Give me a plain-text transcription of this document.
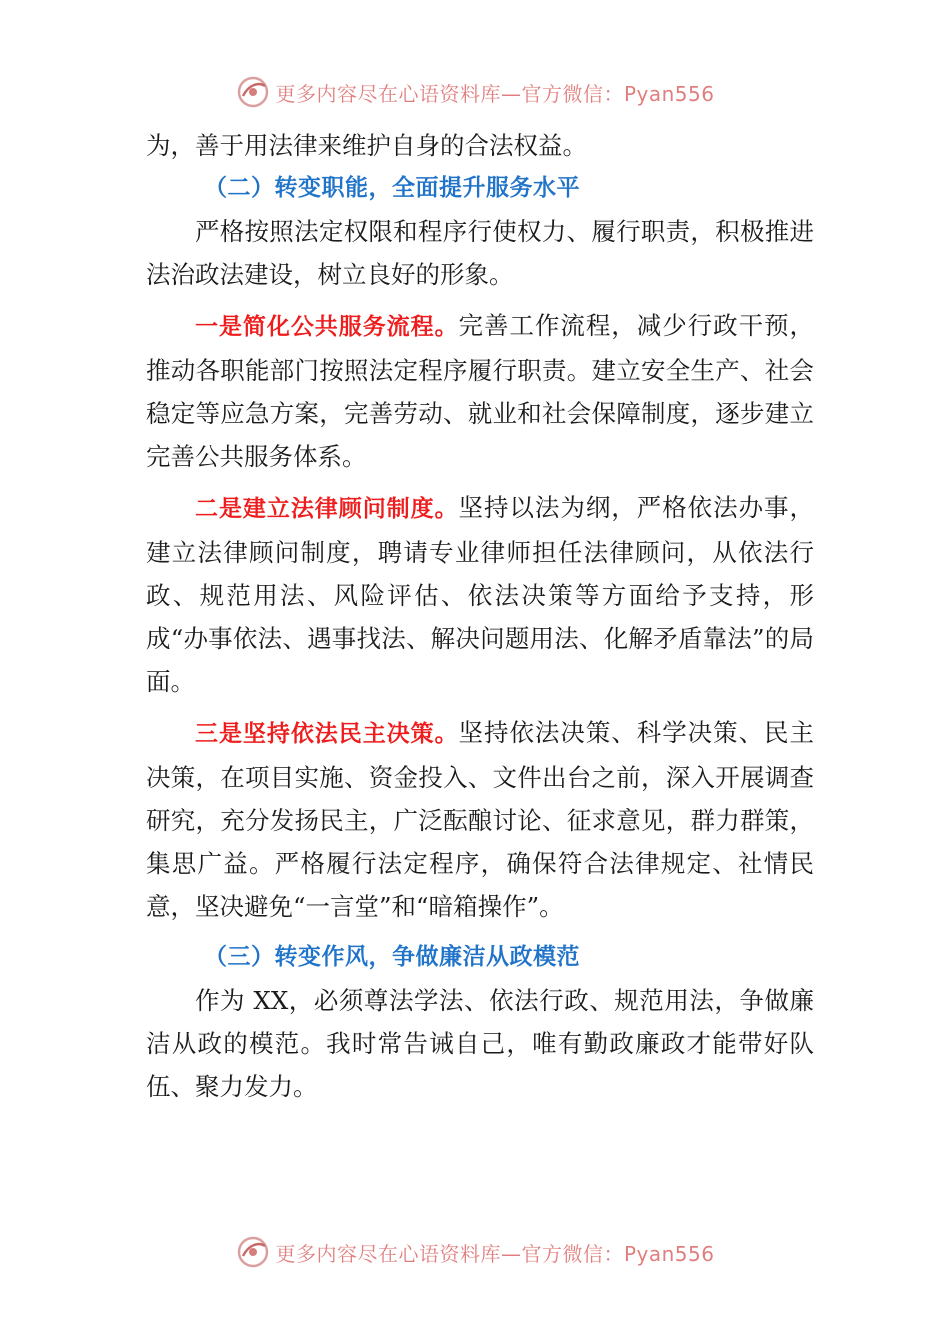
更多内容尽在心语资料库—官方微信：Pyan556

为，善于用法律来维护自身的合法权益。

（二）转变职能，全面提升服务水平

严格按照法定权限和程序行使权力、履行职责，积极推进法治政法建设，树立良好的形象。

一是简化公共服务流程。完善工作流程，减少行政干预，推动各职能部门按照法定程序履行职责。建立安全生产、社会稳定等应急方案，完善劳动、就业和社会保障制度，逐步建立完善公共服务体系。

二是建立法律顾问制度。坚持以法为纲，严格依法办事，建立法律顾问制度，聘请专业律师担任法律顾问，从依法行政、规范用法、风险评估、依法决策等方面给予支持，形成“办事依法、遇事找法、解决问题用法、化解矛盾靠法”的局面。

三是坚持依法民主决策。坚持依法决策、科学决策、民主决策，在项目实施、资金投入、文件出台之前，深入开展调查研究，充分发扬民主，广泛酝酿讨论、征求意见，群力群策，集思广益。严格履行法定程序，确保符合法律规定、社情民意，坚决避免“一言堂”和“暗箱操作”。

（三）转变作风，争做廉洁从政模范

作为 XX，必须尊法学法、依法行政、规范用法，争做廉洁从政的模范。我时常告诫自己，唯有勤政廉政才能带好队伍、聚力发力。

更多内容尽在心语资料库—官方微信：Pyan556
